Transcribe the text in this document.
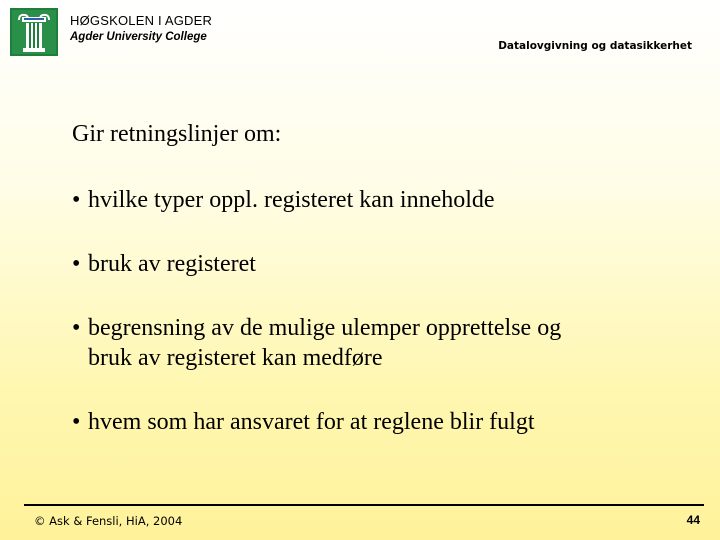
HØGSKOLEN I AGDER
Agder University College
Datalovgivning og datasikkerhet
Gir retningslinjer om:
• hvilke typer oppl. registeret kan inneholde
• bruk av registeret
• begrensning av de mulige ulemper opprettelse og
bruk av registeret kan medføre
• hvem som har ansvaret for at reglene blir fulgt
© Ask & Fensli, HiA, 2004	44
